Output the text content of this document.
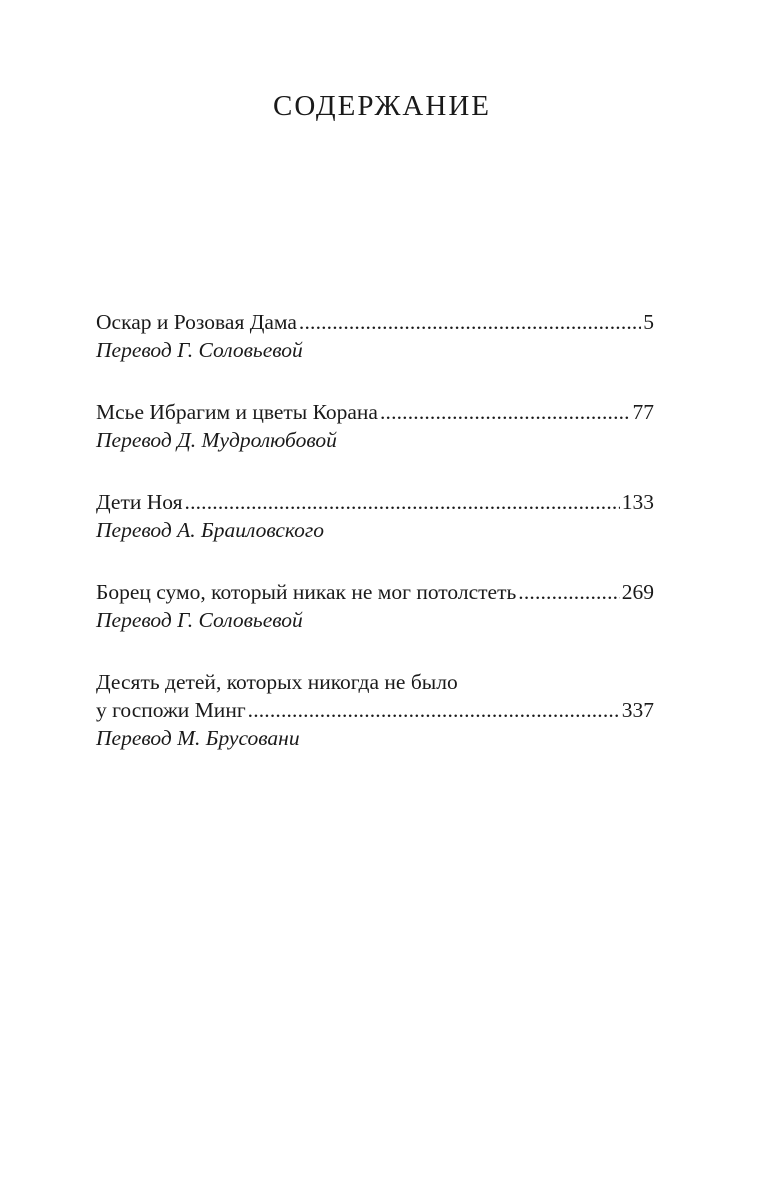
СОДЕРЖАНИЕ
Оскар и Розовая Дама . . .	5
Перевод Г. Соловьевой
Мсье Ибрагим и цветы Корана . . .	77
Перевод Д. Мудролюбовой
Дети Ноя . . .	133
Перевод А. Браиловского
Борец сумо, который никак не мог потолстеть . . .	269
Перевод Г. Соловьевой
Десять детей, которых никогда не было
у госпожи Минг . . .	337
Перевод М. Брусовани
